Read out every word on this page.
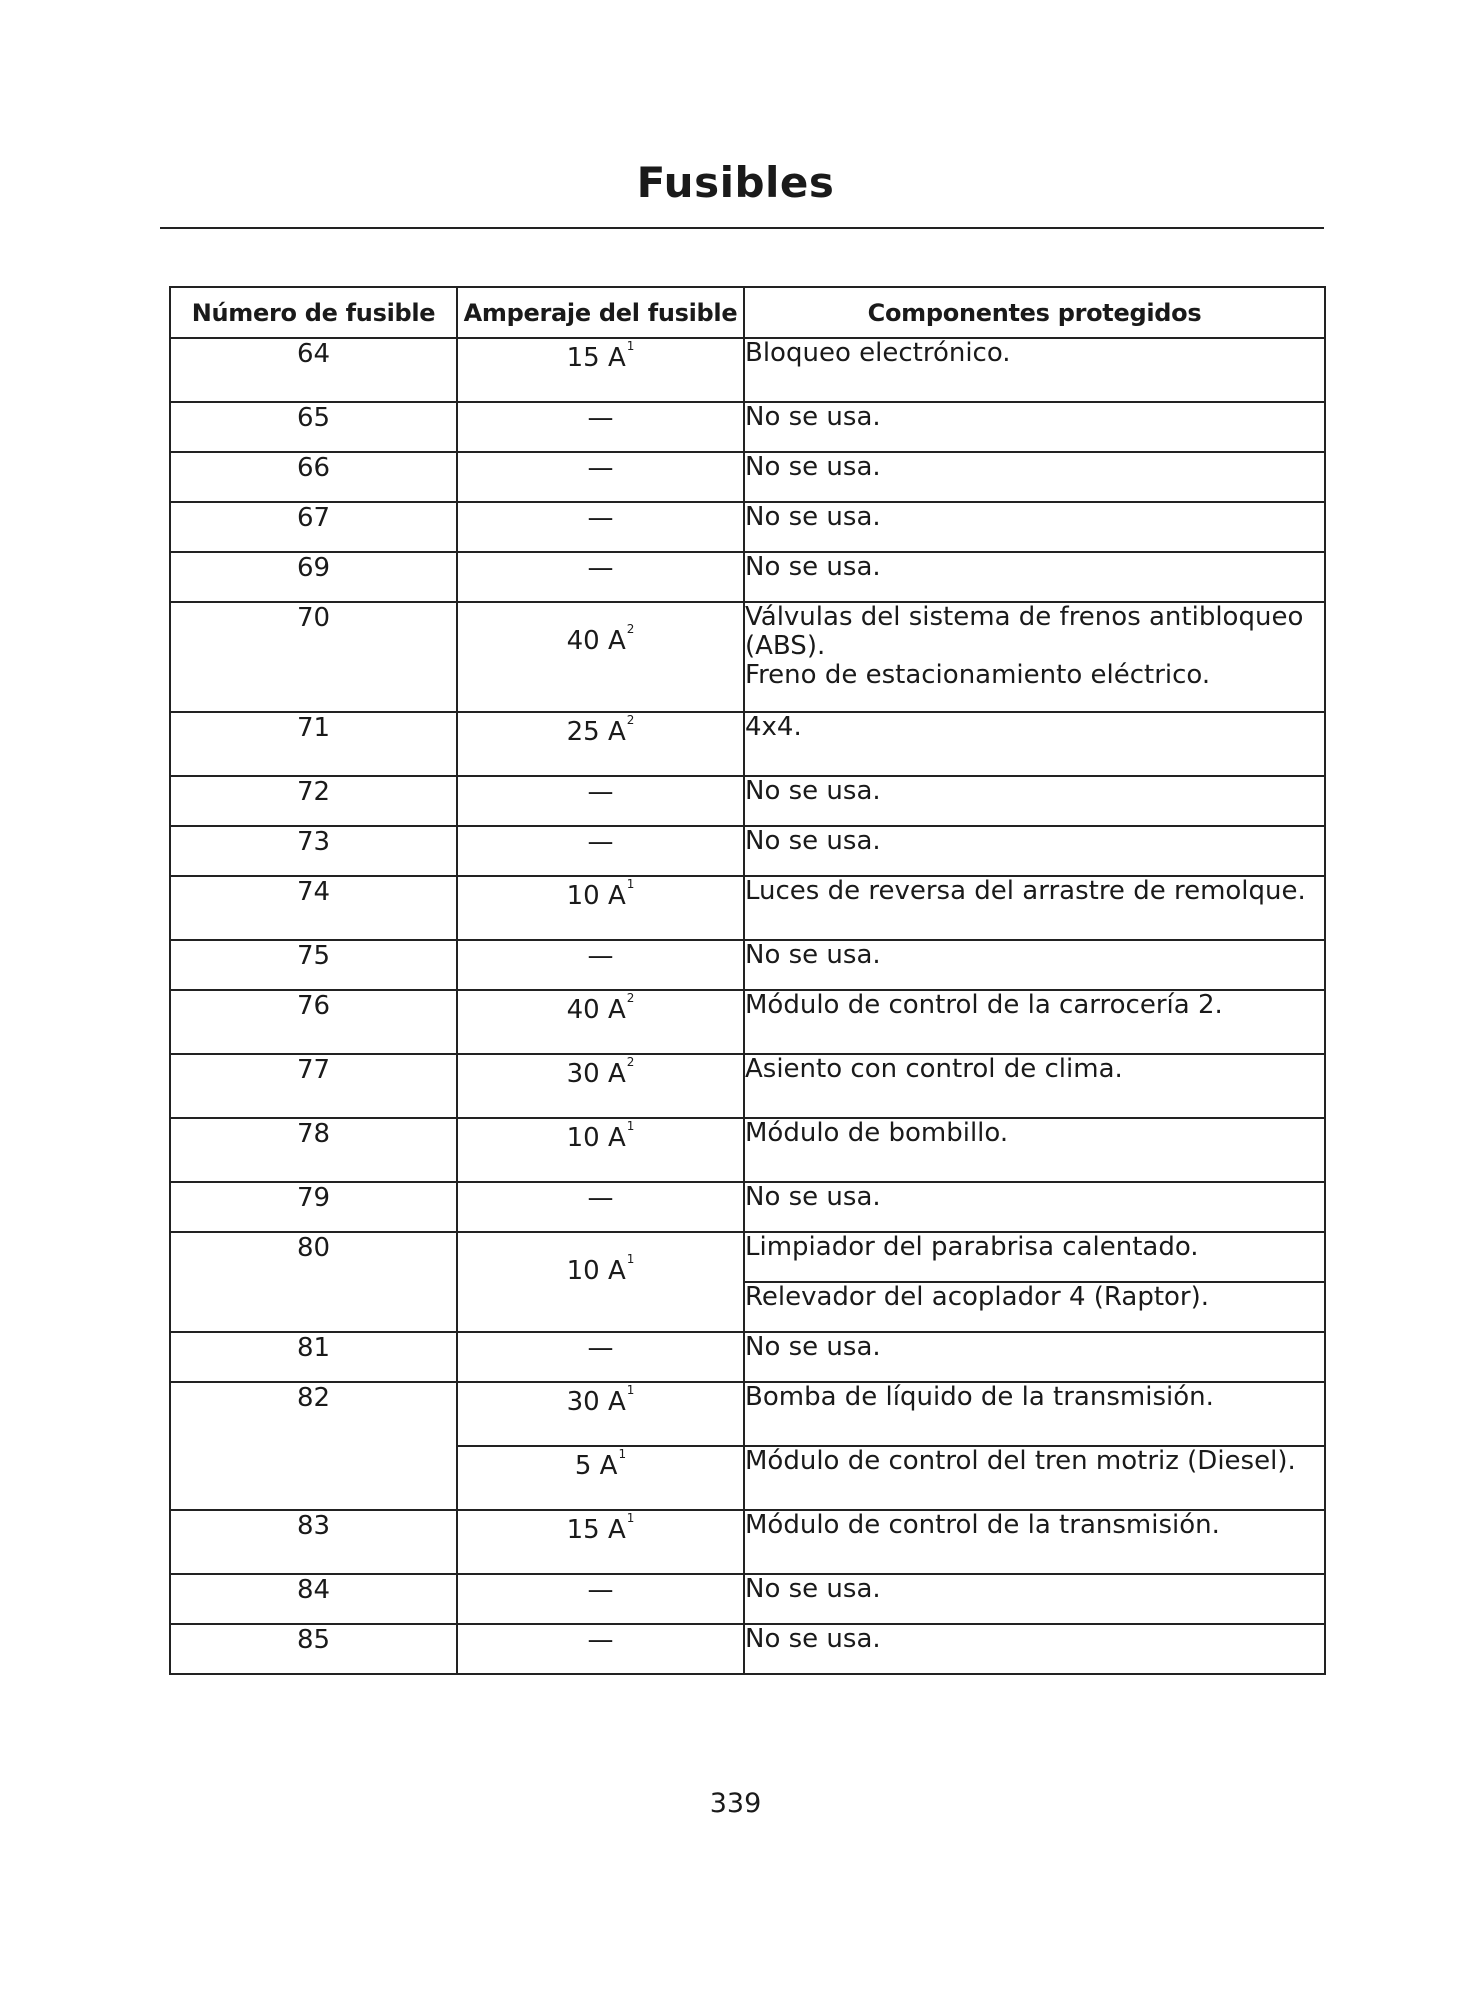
Fusibles
Número de fusible	Amperaje del fusible	Componentes protegidos
64	15 A$^1$	Bloqueo electrónico.

65	—	No se usa.

66	—	No se usa.

67	—	No se usa.

69	—	No se usa.

70	40 A$^2$	Válvulas del sistema de frenos antibloqueo
(ABS).
Freno de estacionamiento eléctrico.

71	25 A$^2$	4x4.

72	—	No se usa.

73	—	No se usa.

74	10 A$^1$	Luces de reversa del arrastre de remolque.

75	—	No se usa.

76	40 A$^2$	Módulo de control de la carrocería 2.

77	30 A$^2$	Asiento con control de clima.

78	10 A$^1$	Módulo de bombillo.

79	—	No se usa.

80	10 A$^1$	Limpiador del parabrisa calentado.

		Relevador del acoplador 4 (Raptor).

81	—	No se usa.

82	30 A$^1$	Bomba de líquido de la transmisión.

	5 A$^1$	Módulo de control del tren motriz (Diesel).

83	15 A$^1$	Módulo de control de la transmisión.

84	—	No se usa.

85	—	No se usa.
339
